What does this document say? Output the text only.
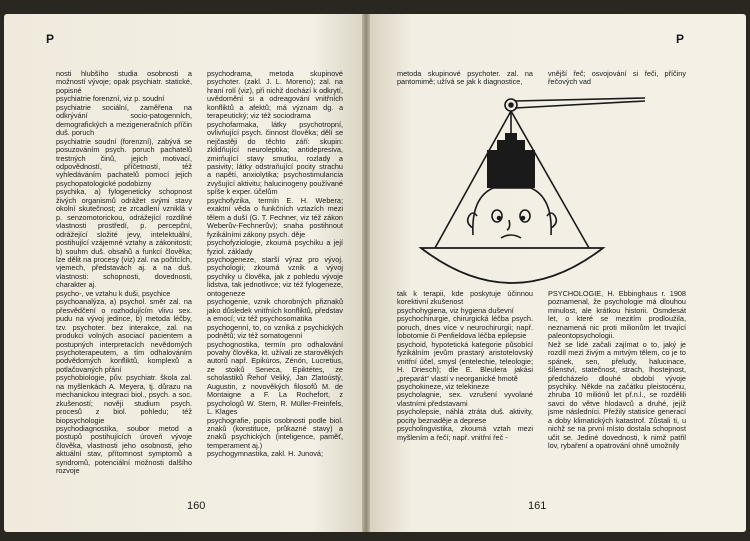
P	P

nosti hlubšího studia osobnosti a možností vývoje; opak psychiatr. statické, popisné

psychiatrie forenzní, viz p. soudní

psychiatrie sociální, zaměřena na odkrývání socio-patogenních, demografických a mezigeneračních příčin duš. poruch

psychiatrie soudní (forenzní), zabývá se posuzováním psych. poruch pachatelů trestných činů, jejich motivací, odpovědností, příčetností, též vyhledáváním pachatelů pomocí jejich psychopatologické podobizny

psychika, a) fylogeneticky schopnost živých organismů odrážet svými stavy okolní skutečnost; ze zrcadlení vzniklá v p. senzomotorickou, odrážející rozdílné vlastnosti prostředí, p. percepční, odrážející složité jevy, intelektuální, postihující vzájemné vztahy a zákonitosti; b) souhrn duš. obsahů a funkcí člověka; lze dělit na procesy (viz) zal. na počitcích, vjemech, představách aj. a na duš. vlastnosti: schopnosti, dovednosti, charakter aj.

psycho-, ve vztahu k duši, psychice

psychoanalýza, a) psychol. směr zal. na přesvědčení o rozhodujícím vlivu sex. pudu na vývoj jedince, b) metoda léčby, tzv. psychoter. bez interakce, zal. na produkci volných asociací pacientem a postupných interpretacích nevědomých psychoterapeutem, a tím odhalováním podvědomých konfliktů, komplexů a potlačovaných přání

psychobiologie, pův. psychiatr. škola zal. na myšlenkách A. Meyera, tj. důrazu na mechanickou integraci biol., psych. a soc. zkušeností; nověji studium psych. procesů z biol. pohledu; též biopsychologie

psychodiagnostika, soubor metod a postupů postihujících úroveň vývoje člověka, vlastnosti jeho osobnosti, jeho aktuální stav, přítomnost symptomů a syndromů, potenciální možnosti dalšího rozvoje

psychodrama, metoda skupinové psychoter. (zakl. J. L. Moreno); zal. na hraní rolí (viz), při nichž dochází k odkrytí, uvědomění si a odreagování vnitřních konfliktů a afektů; má význam dg. a terapeutický; viz též sociodrama

psychofarmaka, látky psychotropní, ovlivňující psych. činnost člověka; dělí se nejčastěji do těchto září: skupin: zklidňující neuroleptika; antidepresiva, zmirňující stavy smutku, rozlady a pasivity; látky odstraňující pocity strachu a napětí, anxiolytika; psychostimulancia zvyšující aktivitu; halucinogeny používané spíše k exper. účelům

psychofyzika, termín E. H. Webera; exaktní věda o funkčních vztazích mezi tělem a duší (G. T. Fechner, viz též zákon Weberův-Fechnerův); snaha postihnout fyzikálními zákony psych. děje

psychofyziologie, zkoumá psychiku a její fyziol. základy

psychogeneze, starší výraz pro vývoj. psychologii; zkoumá vznik a vývoj psychiky u člověka, jak z pohledu vývoje lidstva, tak jednotlivce; viz též fylogeneze, ontogeneze

psychogenie, vznik chorobných přiznaků jako důsledek vnitřních konfliktů, představ a emocí; viz též psychosomatika

psychogenní, to, co vzniká z psychických podnětů; viz též somatogenní

psychognostika, termín pro odhalování povahy člověka, kt. užívali ze starověkých autorů např. Epikúros, Zénón, Lucretius, ze stoiků Seneca, Epiktétes, ze scholastiků Řehoř Veliký, Jan Zlatoústý, Augustin, z novověkých filosofů M. de Montaigne a F. La Rochefort, z psychologů W. Stern, R. Müller-Freinfels, L. Klages

psychografie, popis osobnosti podle biol. znaků (konstituce, průkazné stavy) a znaků psychických (inteligence, paměť, temperament aj.)

psychogymnastika, zakl. H. Junová;

metoda skupinové psychoter. zal. na pantomimě; užívá se jak k diagnostice,
vnější řeč; osvojování si řeči, příčiny řečových vad

tak k terapii, kde poskytuje účinnou korektivní zkušenost

psychohygiena, viz hygiena duševní

psychochirurgie, chirurgická léčba psych. poruch, dnes více v neurochirurgii; např. lobotomie či Penfieldova léčba epilepsie

psychoid, hypotetická kategorie působící fyzikálním jevům prastarý aristotelovský vnitřní účel, smysl (entelechie, teleologie; H. Driesch); dle E. Bleulera jakási „preparát“ vlastí v neorganické hmotě

psychokineze, viz telekineze

psycholagnie, sex. vzrušení vyvolané vlastními představami

psycholepsie, náhlá ztráta duš. aktivity, pocity beznaděje a deprese

psycholingvistika, zkoumá vztah mezi myšlením a řečí; např. vnitřní řeč -

PSYCHOLOGIE, H. Ebbinghaus r. 1908 poznamenal, že psychologie má dlouhou minulost, ale krátkou historii. Osmdesát let, o které se mezitím prodloužila, neznamená nic proti milionům let trvající paleontopsychologii.

Než se lidé začali zajímat o to, jaký je rozdíl mezi živým a mrtvým tělem, co je to spánek, sen, přeludy, halucinace, šílenství, statečnost, strach, lhostejnost, předcházelo dlouhé období vývoje psychiky. Někde na začátku pleistocénu, zhruba 10 miliónů let př.n.l., se rozdělili savci do větve hlodavců a druhé, jejíž jsme následníci. Přežily statisíce generací a doby klimatických katastrof. Zůstali ti, u nichž se na první místo dostala schopnost učit se. Jediné dovednosti, k nimž patřil lov, rybaření a opatrování ohně umožnily

160	161
